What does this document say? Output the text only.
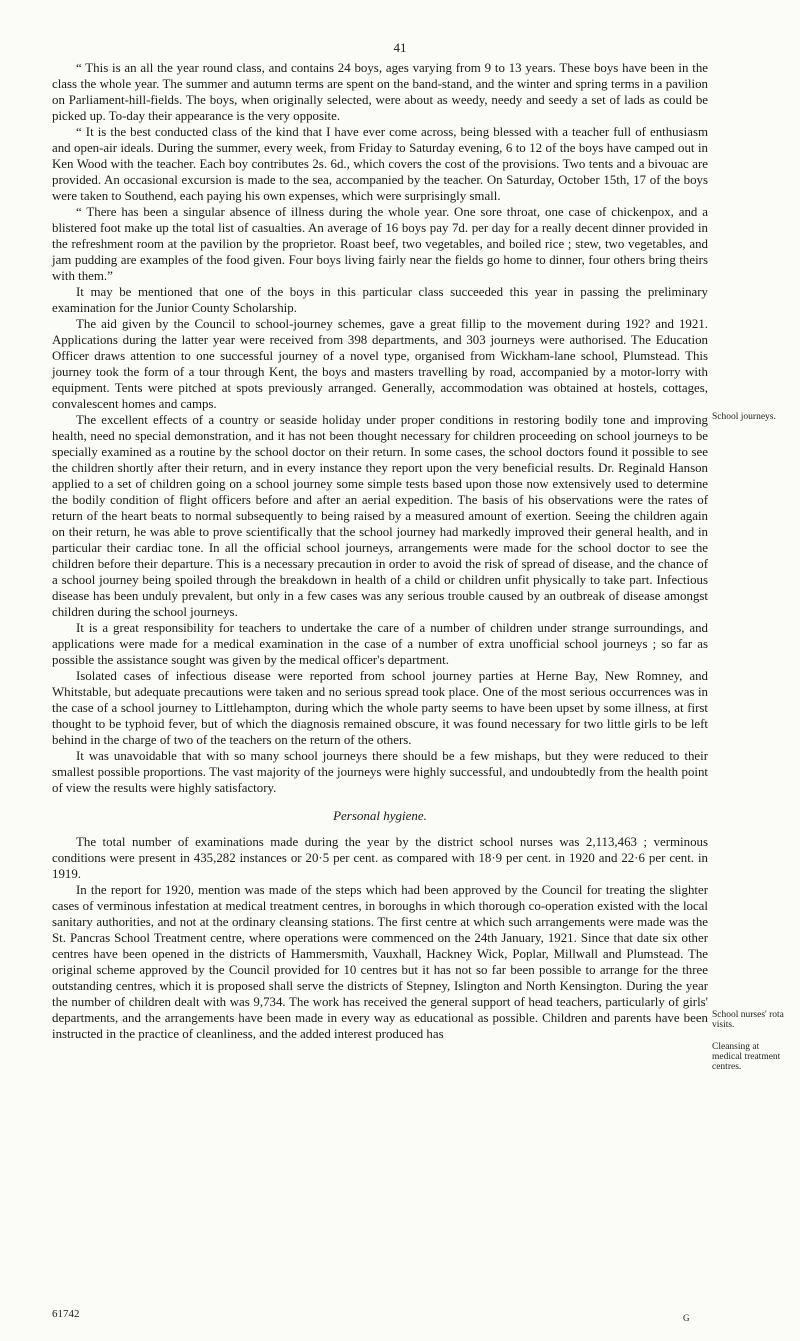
41

“ This is an all the year round class, and contains 24 boys, ages varying from 9 to 13 years. These boys have been in the class the whole year. The summer and autumn terms are spent on the band-stand, and the winter and spring terms in a pavilion on Parliament-hill-fields. The boys, when originally selected, were about as weedy, needy and seedy a set of lads as could be picked up. To-day their appearance is the very opposite.

“ It is the best conducted class of the kind that I have ever come across, being blessed with a teacher full of enthusiasm and open-air ideals. During the summer, every week, from Friday to Saturday evening, 6 to 12 of the boys have camped out in Ken Wood with the teacher. Each boy contributes 2s. 6d., which covers the cost of the provisions. Two tents and a bivouac are provided. An occasional excursion is made to the sea, accompanied by the teacher. On Saturday, October 15th, 17 of the boys were taken to Southend, each paying his own expenses, which were surprisingly small.

“ There has been a singular absence of illness during the whole year. One sore throat, one case of chickenpox, and a blistered foot make up the total list of casualties. An average of 16 boys pay 7d. per day for a really decent dinner provided in the refreshment room at the pavilion by the proprietor. Roast beef, two vegetables, and boiled rice ; stew, two vegetables, and jam pudding are examples of the food given. Four boys living fairly near the fields go home to dinner, four others bring theirs with them.”

It may be mentioned that one of the boys in this particular class succeeded this year in passing the preliminary examination for the Junior County Scholarship.

The aid given by the Council to school-journey schemes, gave a great fillip to the movement during 192? and 1921. Applications during the latter year were received from 398 departments, and 303 journeys were authorised. The Education Officer draws attention to one successful journey of a novel type, organised from Wickham-lane school, Plumstead. This journey took the form of a tour through Kent, the boys and masters travelling by road, accompanied by a motor-lorry with equipment. Tents were pitched at spots previously arranged. Generally, accommodation was obtained at hostels, cottages, convalescent homes and camps.

The excellent effects of a country or seaside holiday under proper conditions in restoring bodily tone and improving health, need no special demonstration, and it has not been thought necessary for children proceeding on school journeys to be specially examined as a routine by the school doctor on their return. In some cases, the school doctors found it possible to see the children shortly after their return, and in every instance they report upon the very beneficial results. Dr. Reginald Hanson applied to a set of children going on a school journey some simple tests based upon those now extensively used to determine the bodily condition of flight officers before and after an aerial expedition. The basis of his observations were the rates of return of the heart beats to normal subsequently to being raised by a measured amount of exertion. Seeing the children again on their return, he was able to prove scientifically that the school journey had markedly improved their general health, and in particular their cardiac tone. In all the official school journeys, arrangements were made for the school doctor to see the children before their departure. This is a necessary precaution in order to avoid the risk of spread of disease, and the chance of a school journey being spoiled through the breakdown in health of a child or children unfit physically to take part. Infectious disease has been unduly prevalent, but only in a few cases was any serious trouble caused by an outbreak of disease amongst children during the school journeys.

It is a great responsibility for teachers to undertake the care of a number of children under strange surroundings, and applications were made for a medical examination in the case of a number of extra unofficial school journeys ; so far as possible the assistance sought was given by the medical officer's department.

Isolated cases of infectious disease were reported from school journey parties at Herne Bay, New Romney, and Whitstable, but adequate precautions were taken and no serious spread took place. One of the most serious occurrences was in the case of a school journey to Littlehampton, during which the whole party seems to have been upset by some illness, at first thought to be typhoid fever, but of which the diagnosis remained obscure, it was found necessary for two little girls to be left behind in the charge of two of the teachers on the return of the others.

It was unavoidable that with so many school journeys there should be a few mishaps, but they were reduced to their smallest possible proportions. The vast majority of the journeys were highly successful, and undoubtedly from the health point of view the results were highly satisfactory.

Personal hygiene.

The total number of examinations made during the year by the district school nurses was 2,113,463 ; verminous conditions were present in 435,282 instances or 20·5 per cent. as compared with 18·9 per cent. in 1920 and 22·6 per cent. in 1919.

In the report for 1920, mention was made of the steps which had been approved by the Council for treating the slighter cases of verminous infestation at medical treatment centres, in boroughs in which thorough co-operation existed with the local sanitary authorities, and not at the ordinary cleansing stations. The first centre at which such arrangements were made was the St. Pancras School Treatment centre, where operations were commenced on the 24th January, 1921. Since that date six other centres have been opened in the districts of Hammersmith, Vauxhall, Hackney Wick, Poplar, Millwall and Plumstead. The original scheme approved by the Council provided for 10 centres but it has not so far been possible to arrange for the three outstanding centres, which it is proposed shall serve the districts of Stepney, Islington and North Kensington. During the year the number of children dealt with was 9,734. The work has received the general support of head teachers, particularly of girls' departments, and the arrangements have been made in every way as educational as possible. Children and parents have been instructed in the practice of cleanliness, and the added interest produced has

School journeys.
School nurses' rota visits.
Cleansing at medical treatment centres.
61742	G
